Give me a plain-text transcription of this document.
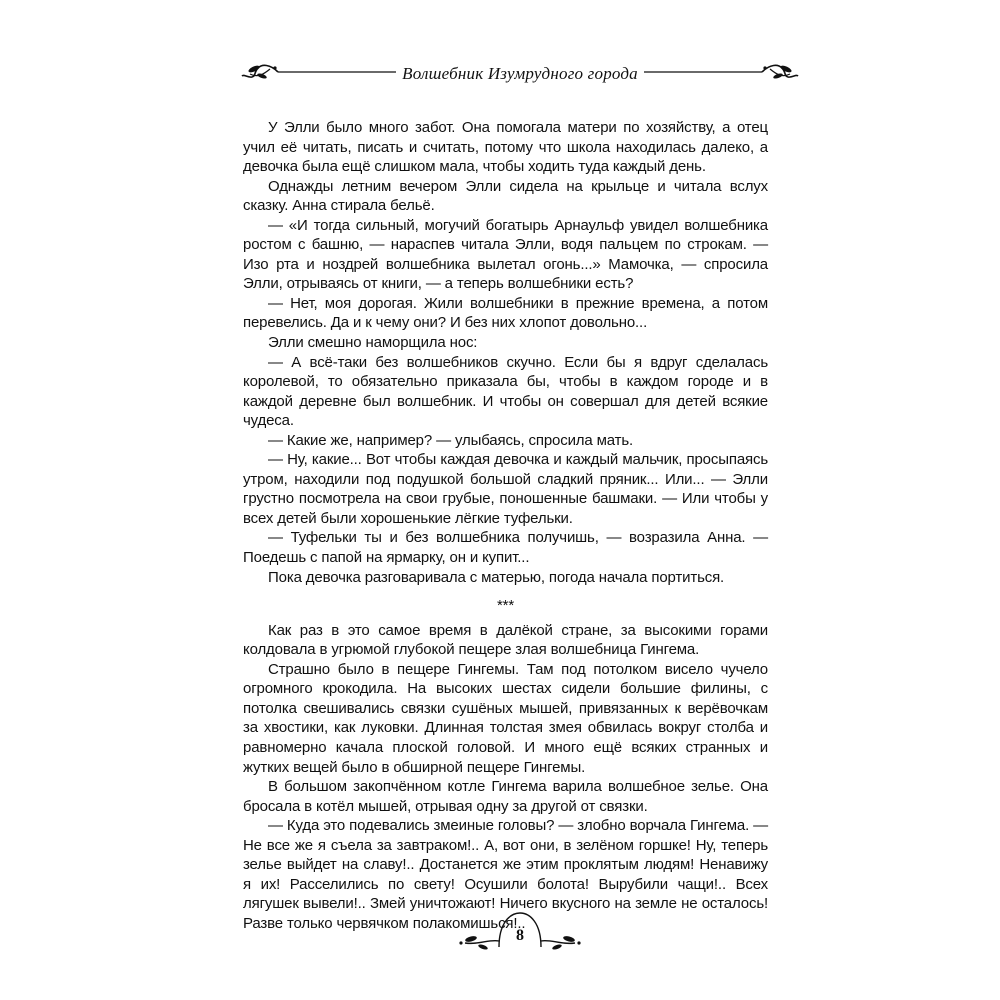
Волшебник Изумрудного города

У Элли было много забот. Она помогала матери по хозяйству, а отец учил её читать, писать и считать, потому что школа находилась далеко, а девочка была ещё слишком мала, чтобы ходить туда каждый день.

Однажды летним вечером Элли сидела на крыльце и читала вслух сказку. Анна стирала бельё.

— «И тогда сильный, могучий богатырь Арнаульф увидел волшебника ростом с башню, — нараспев читала Элли, водя пальцем по строкам. — Изо рта и ноздрей волшебника вылетал огонь...» Мамочка, — спросила Элли, отрываясь от книги, — а теперь волшебники есть?

— Нет, моя дорогая. Жили волшебники в прежние времена, а потом перевелись. Да и к чему они? И без них хлопот довольно...

Элли смешно наморщила нос:

— А всё-таки без волшебников скучно. Если бы я вдруг сделалась королевой, то обязательно приказала бы, чтобы в каждом городе и в каждой деревне был волшебник. И чтобы он совершал для детей всякие чудеса.

— Какие же, например? — улыбаясь, спросила мать.

— Ну, какие... Вот чтобы каждая девочка и каждый мальчик, просыпаясь утром, находили под подушкой большой сладкий пряник... Или... — Элли грустно посмотрела на свои грубые, поношенные башмаки. — Или чтобы у всех детей были хорошенькие лёгкие туфельки.

— Туфельки ты и без волшебника получишь, — возразила Анна. — Поедешь с папой на ярмарку, он и купит...

Пока девочка разговаривала с матерью, погода начала портиться.

***

Как раз в это самое время в далёкой стране, за высокими горами колдовала в угрюмой глубокой пещере злая волшебница Гингема.

Страшно было в пещере Гингемы. Там под потолком висело чучело огромного крокодила. На высоких шестах сидели большие филины, с потолка свешивались связки сушёных мышей, привязанных к верёвочкам за хвостики, как луковки. Длинная толстая змея обвилась вокруг столба и равномерно качала плоской головой. И много ещё всяких странных и жутких вещей было в обширной пещере Гингемы.

В большом закопчённом котле Гингема варила волшебное зелье. Она бросала в котёл мышей, отрывая одну за другой от связки.

— Куда это подевались змеиные головы? — злобно ворчала Гингема. — Не все же я съела за завтраком!.. А, вот они, в зелёном горшке! Ну, теперь зелье выйдет на славу!.. Достанется же этим проклятым людям! Ненавижу я их! Расселились по свету! Осушили болота! Вырубили чащи!.. Всех лягушек вывели!.. Змей уничтожают! Ничего вкусного на земле не осталось! Разве только червячком полакомишься!..

8
